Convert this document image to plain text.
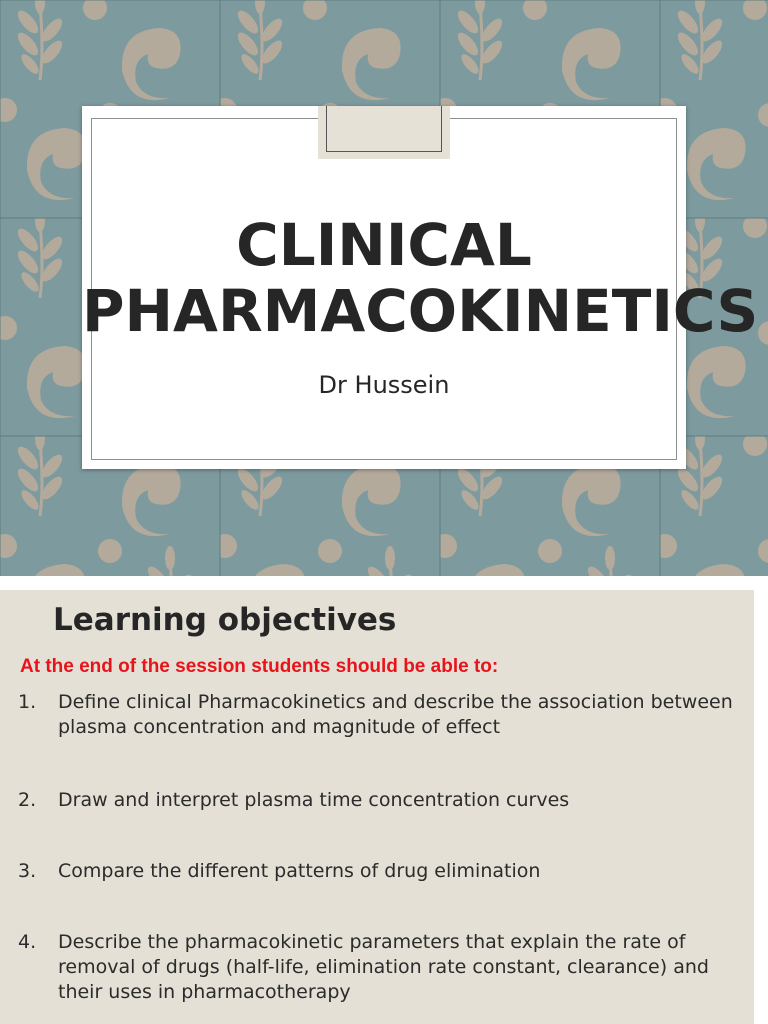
CLINICAL
PHARMACOKINETICS
Dr Hussein
Learning objectives

At the end of the session students should be able to:

1.	Define clinical Pharmacokinetics and describe the association between plasma concentration and magnitude of effect
2.	Draw and interpret plasma time concentration curves
3.	Compare the different patterns of drug elimination
4.	Describe the pharmacokinetic parameters that explain the rate of removal of drugs (half-life, elimination rate constant, clearance) and their uses in pharmacotherapy
